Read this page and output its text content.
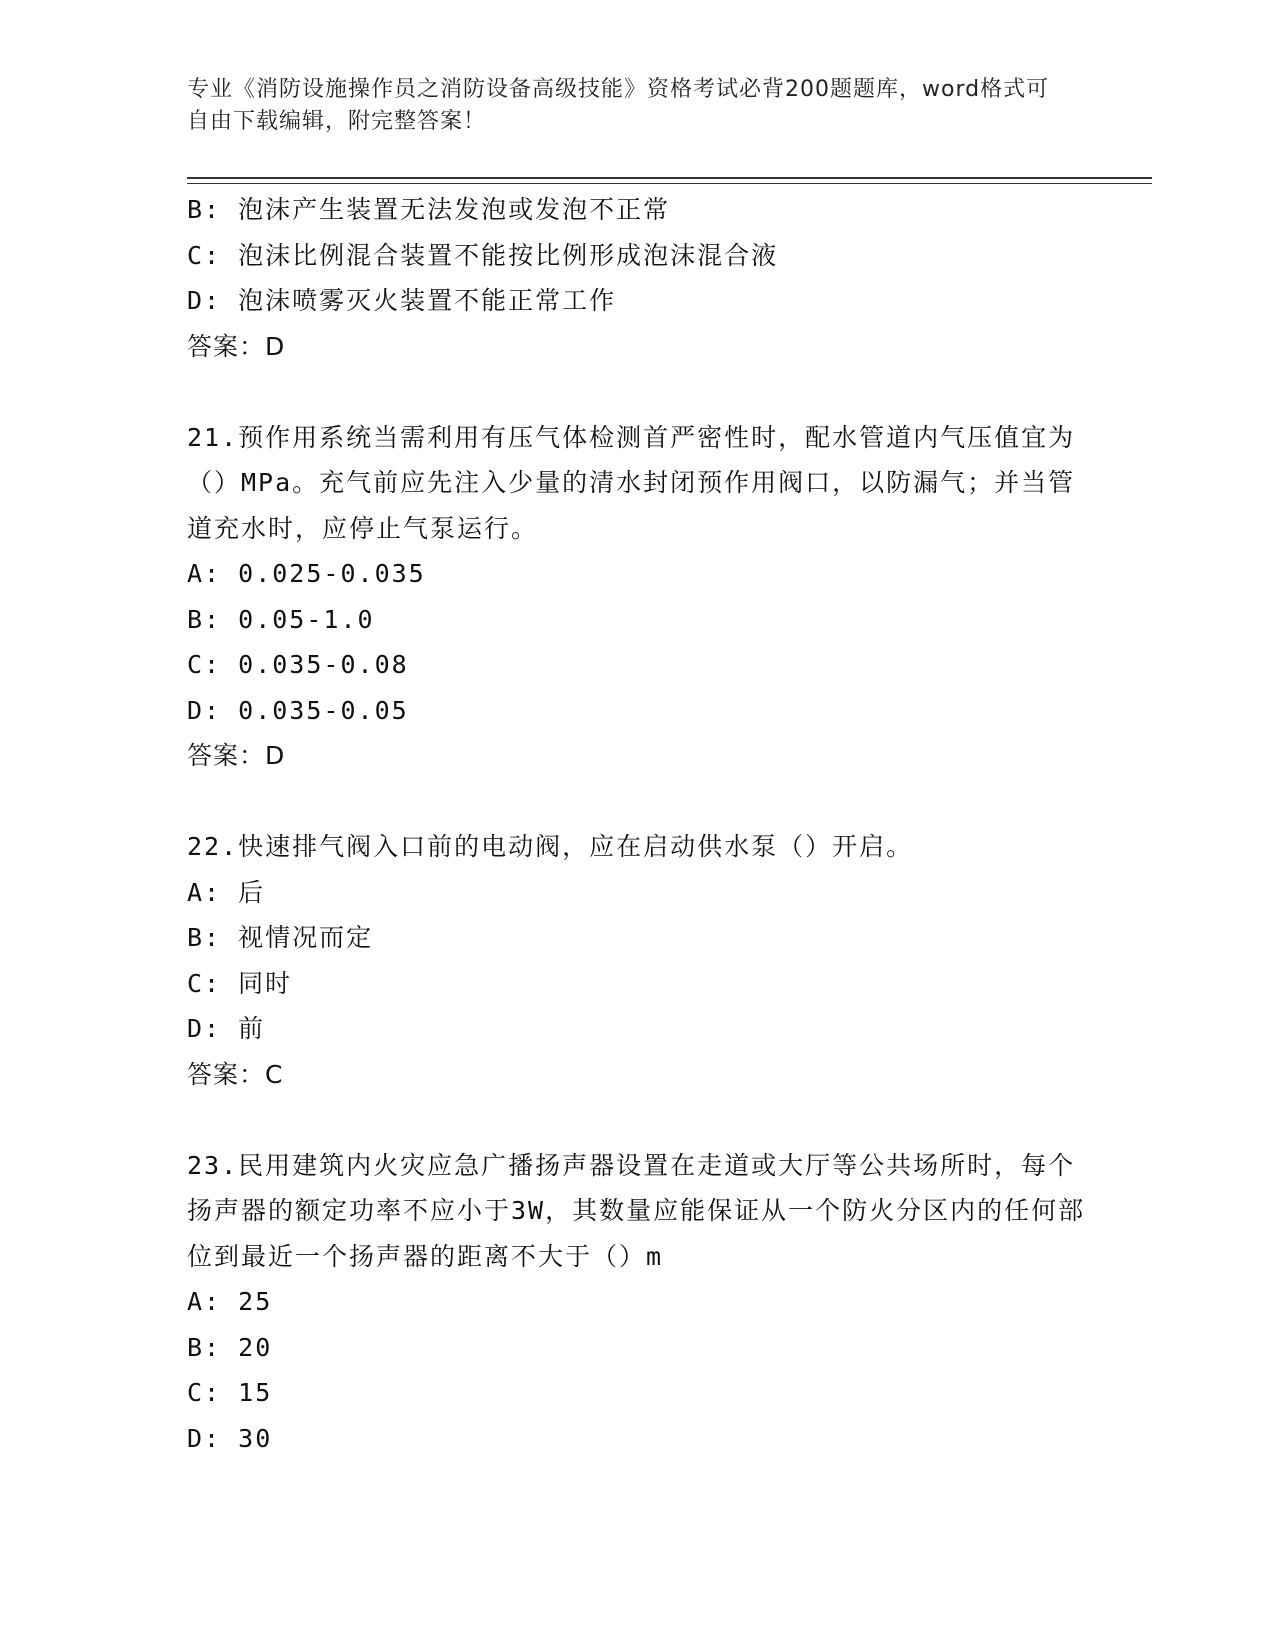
专业《消防设施操作员之消防设备高级技能》资格考试必背200题题库，word格式可自由下载编辑，附完整答案！
B: 泡沫产生装置无法发泡或发泡不正常
C: 泡沫比例混合装置不能按比例形成泡沫混合液
D: 泡沫喷雾灭火装置不能正常工作
答案：D
21.预作用系统当需利用有压气体检测首严密性时，配水管道内气压值宜为（）MPa。充气前应先注入少量的清水封闭预作用阀口，以防漏气；并当管道充水时，应停止气泵运行。
A: 0.025-0.035
B: 0.05-1.0
C: 0.035-0.08
D: 0.035-0.05
答案：D
22.快速排气阀入口前的电动阀，应在启动供水泵（）开启。
A: 后
B: 视情况而定
C: 同时
D: 前
答案：C
23.民用建筑内火灾应急广播扬声器设置在走道或大厅等公共场所时，每个扬声器的额定功率不应小于3W，其数量应能保证从一个防火分区内的任何部位到最近一个扬声器的距离不大于（）m
A: 25
B: 20
C: 15
D: 30
